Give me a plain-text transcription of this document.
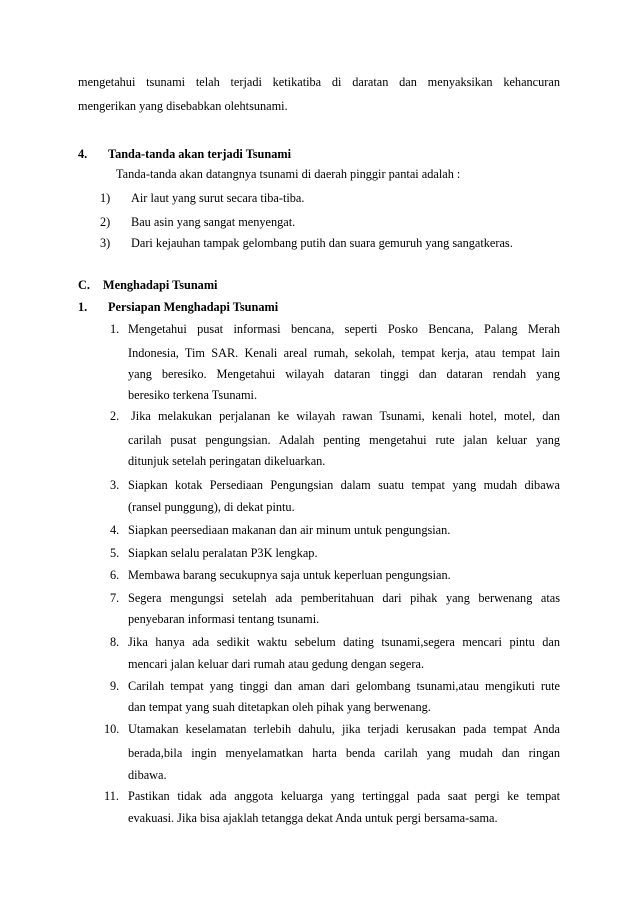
mengetahui tsunami telah terjadi ketikatiba di daratan dan menyaksikan kehancuran
mengerikan yang disebabkan olehtsunami.
4. Tanda-tanda akan terjadi Tsunami
Tanda-tanda akan datangnya tsunami di daerah pinggir pantai adalah :
1) Air laut yang surut secara tiba-tiba.
2) Bau asin yang sangat menyengat.
3) Dari kejauhan tampak gelombang putih dan suara gemuruh yang sangatkeras.
C. Menghadapi Tsunami
1. Persiapan Menghadapi Tsunami
1. Mengetahui pusat informasi bencana, seperti Posko Bencana, Palang Merah
Indonesia, Tim SAR. Kenali areal rumah, sekolah, tempat kerja, atau tempat lain
yang beresiko. Mengetahui wilayah dataran tinggi dan dataran rendah yang
beresiko terkena Tsunami.
2. Jika melakukan perjalanan ke wilayah rawan Tsunami, kenali hotel, motel, dan
carilah pusat pengungsian. Adalah penting mengetahui rute jalan keluar yang
ditunjuk setelah peringatan dikeluarkan.
3. Siapkan kotak Persediaan Pengungsian dalam suatu tempat yang mudah dibawa
(ransel punggung), di dekat pintu.
4. Siapkan peersediaan makanan dan air minum untuk pengungsian.
5. Siapkan selalu peralatan P3K lengkap.
6. Membawa barang secukupnya saja untuk keperluan pengungsian.
7. Segera mengungsi setelah ada pemberitahuan dari pihak yang berwenang atas
penyebaran informasi tentang tsunami.
8. Jika hanya ada sedikit waktu sebelum dating tsunami,segera mencari pintu dan
mencari jalan keluar dari rumah atau gedung dengan segera.
9. Carilah tempat yang tinggi dan aman dari gelombang tsunami,atau mengikuti rute
dan tempat yang suah ditetapkan oleh pihak yang berwenang.
10. Utamakan keselamatan terlebih dahulu, jika terjadi kerusakan pada tempat Anda
berada,bila ingin menyelamatkan harta benda carilah yang mudah dan ringan
dibawa.
11. Pastikan tidak ada anggota keluarga yang tertinggal pada saat pergi ke tempat
evakuasi. Jika bisa ajaklah tetangga dekat Anda untuk pergi bersama-sama.
